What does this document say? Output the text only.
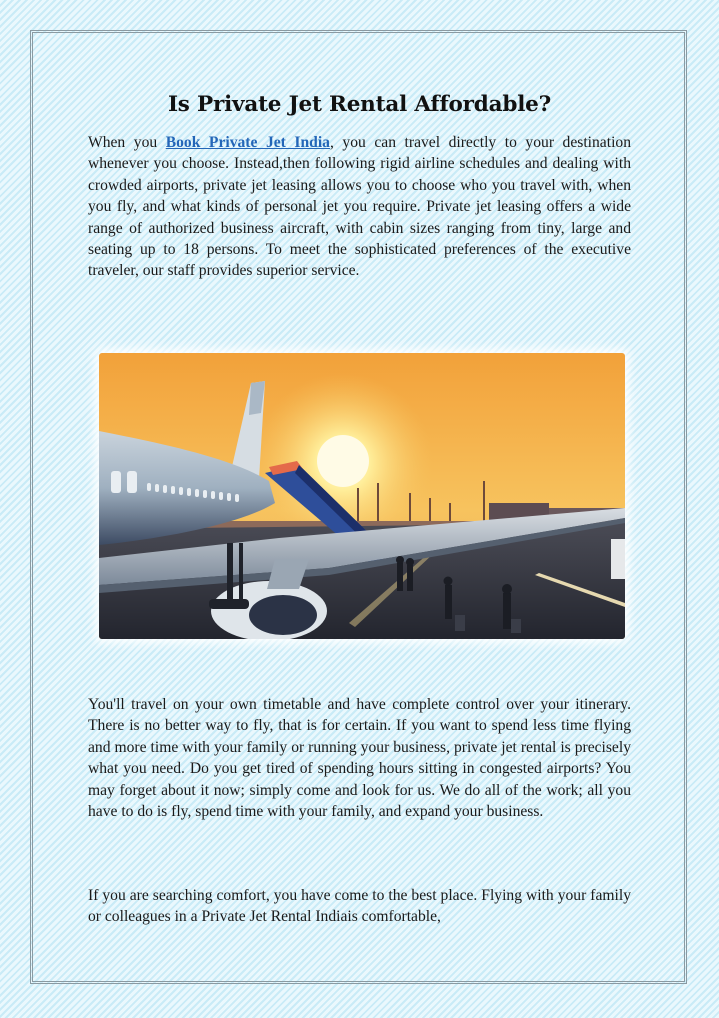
Is Private Jet Rental Affordable?

When you Book Private Jet India, you can travel directly to your destination whenever you choose. Instead,then following rigid airline schedules and dealing with crowded airports, private jet leasing allows you to choose who you travel with, when you fly, and what kinds of personal jet you require. Private jet leasing offers a wide range of authorized business aircraft, with cabin sizes ranging from tiny, large and seating up to 18 persons. To meet the sophisticated preferences of the executive traveler, our staff provides superior service.

You'll travel on your own timetable and have complete control over your itinerary. There is no better way to fly, that is for certain. If you want to spend less time flying and more time with your family or running your business, private jet rental is precisely what you need. Do you get tired of spending hours sitting in congested airports? You may forget about it now; simply come and look for us. We do all of the work; all you have to do is fly, spend time with your family, and expand your business.

If you are searching comfort, you have come to the best place. Flying with your family or colleagues in a Private Jet Rental Indiais comfortable,
